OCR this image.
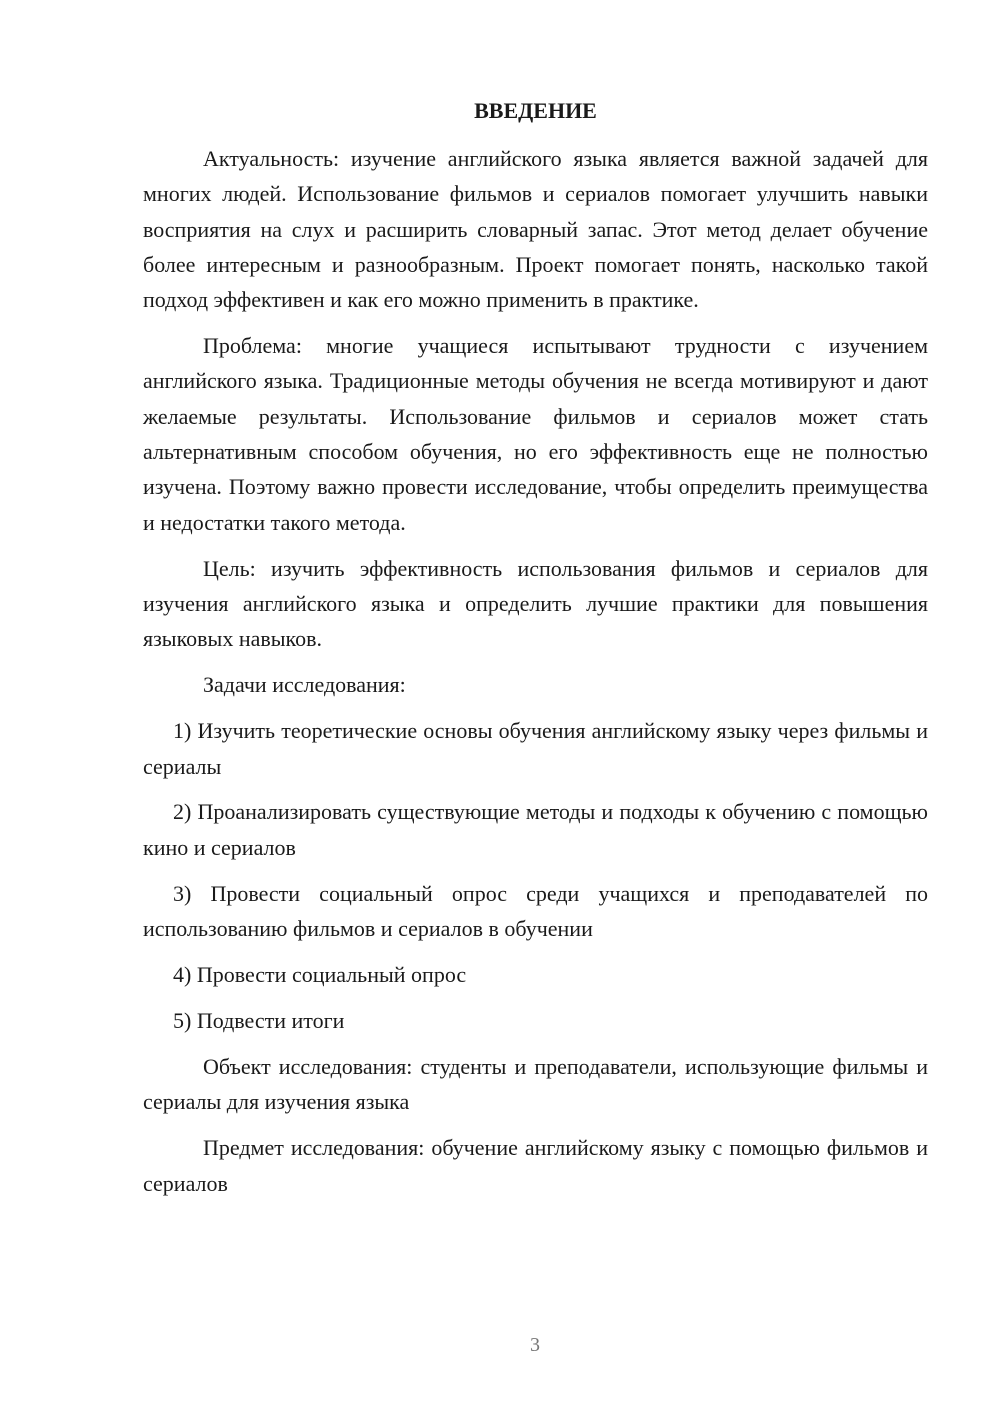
ВВЕДЕНИЕ

Актуальность: изучение английского языка является важной задачей для многих людей. Использование фильмов и сериалов помогает улучшить навыки восприятия на слух и расширить словарный запас. Этот метод делает обучение более интересным и разнообразным. Проект помогает понять, насколько такой подход эффективен и как его можно применить в практике.

Проблема: многие учащиеся испытывают трудности с изучением английского языка. Традиционные методы обучения не всегда мотивируют и дают желаемые результаты. Использование фильмов и сериалов может стать альтернативным способом обучения, но его эффективность еще не полностью изучена. Поэтому важно провести исследование, чтобы определить преимущества и недостатки такого метода.

Цель: изучить эффективность использования фильмов и сериалов для изучения английского языка и определить лучшие практики для повышения языковых навыков.

Задачи исследования:

1) Изучить теоретические основы обучения английскому языку через фильмы и сериалы

2) Проанализировать существующие методы и подходы к обучению с помощью кино и сериалов

3) Провести социальный опрос среди учащихся и преподавателей по использованию фильмов и сериалов в обучении

4) Провести социальный опрос

5) Подвести итоги

Объект исследования: студенты и преподаватели, использующие фильмы и сериалы для изучения языка

Предмет исследования: обучение английскому языку с помощью фильмов и сериалов

3
